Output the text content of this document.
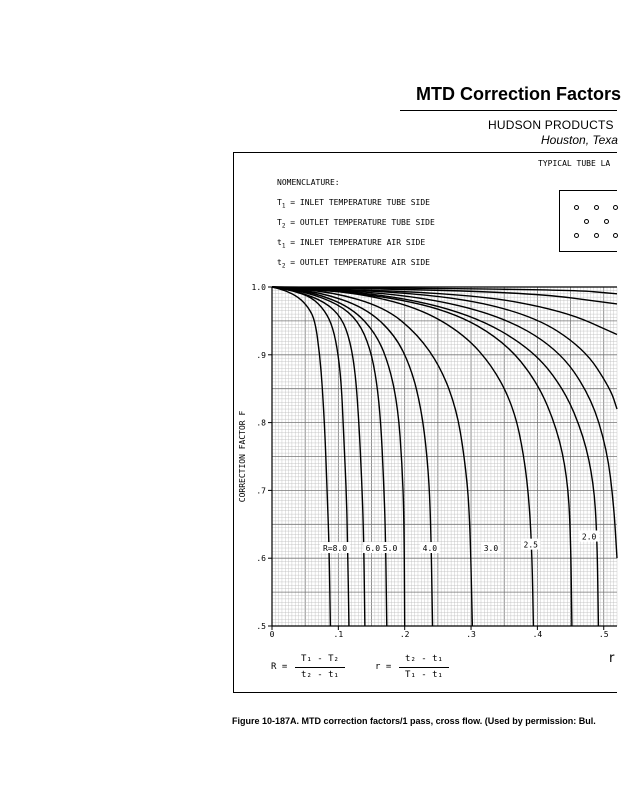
MTD Correction Factors
HUDSON PRODUCTS
Houston, Texa
TYPICAL TUBE LA
NOMENCLATURE:
$T_1$ = INLET TEMPERATURE TUBE SIDE
$T_2$ = OUTLET TEMPERATURE TUBE SIDE
$t_1$ = INLET TEMPERATURE AIR SIDE
$t_2$ = OUTLET TEMPERATURE AIR SIDE
0	.1	.2	.3	.4	.5
.5
.6
.7
.8
.9
1.0
CORRECTION FACTOR F
r
R=8.0 6.0 5.0	4.0	3.0	2.5
2.0
R =
T₁ - T₂
t₂ - t₁
r =
t₂ - t₁
T₁ - t₁
Figure 10-187A. MTD correction factors/1 pass, cross flow. (Used by permission: Bul.
